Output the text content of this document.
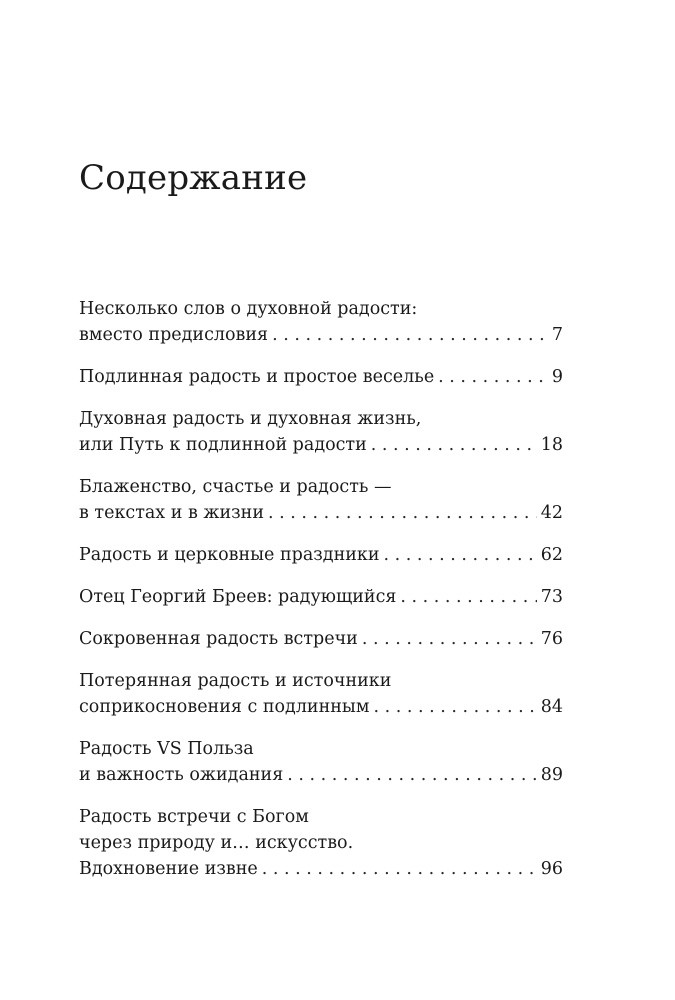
Содержание
Несколько слов о духовной радости:
вместо предисловия . . .	7
Подлинная радость и простое веселье . . .	9
Духовная радость и духовная жизнь,
или Путь к подлинной радости . . .	18
Блаженство, счастье и радость —
в текстах и в жизни . . .	42
Радость и церковные праздники . . .	62
Отец Георгий Бреев: радующийся . . .	73
Сокровенная радость встречи . . .	76
Потерянная радость и источники
соприкосновения с подлинным . . .	84
Радость VS Польза
и важность ожидания . . .	89
Радость встречи с Богом
через природу и… искусство.
Вдохновение извне . . .	96
